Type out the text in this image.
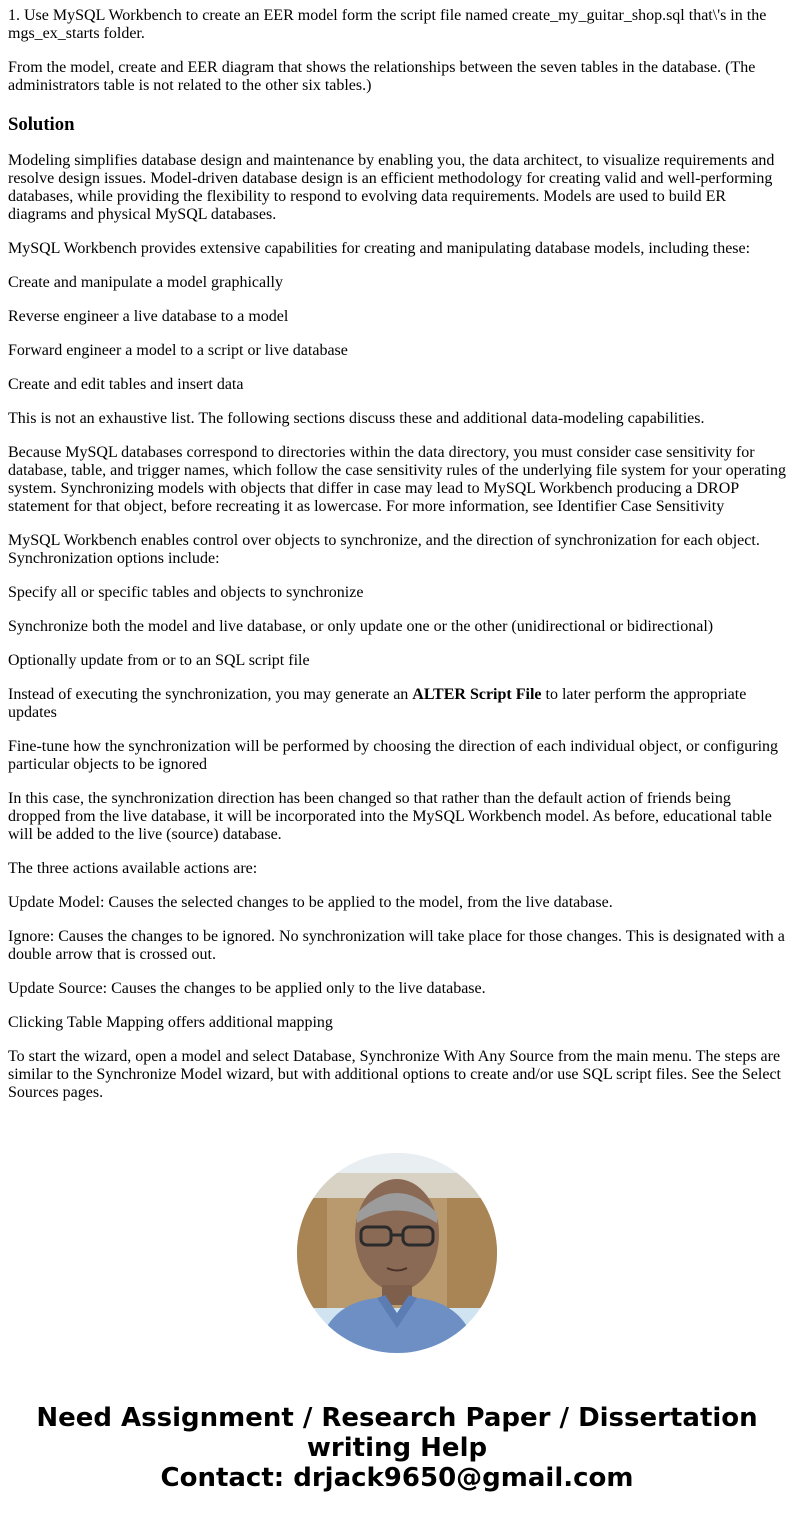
1. Use MySQL Workbench to create an EER model form the script file named create_my_guitar_shop.sql that\'s in the mgs_ex_starts folder.

From the model, create and EER diagram that shows the relationships between the seven tables in the database. (The administrators table is not related to the other six tables.)

Solution

Modeling simplifies database design and maintenance by enabling you, the data architect, to visualize requirements and resolve design issues. Model-driven database design is an efficient methodology for creating valid and well-performing databases, while providing the flexibility to respond to evolving data requirements. Models are used to build ER diagrams and physical MySQL databases.

MySQL Workbench provides extensive capabilities for creating and manipulating database models, including these:

Create and manipulate a model graphically

Reverse engineer a live database to a model

Forward engineer a model to a script or live database

Create and edit tables and insert data

This is not an exhaustive list. The following sections discuss these and additional data-modeling capabilities.

Because MySQL databases correspond to directories within the data directory, you must consider case sensitivity for database, table, and trigger names, which follow the case sensitivity rules of the underlying file system for your operating system. Synchronizing models with objects that differ in case may lead to MySQL Workbench producing a DROP statement for that object, before recreating it as lowercase. For more information, see Identifier Case Sensitivity

MySQL Workbench enables control over objects to synchronize, and the direction of synchronization for each object. Synchronization options include:

Specify all or specific tables and objects to synchronize

Synchronize both the model and live database, or only update one or the other (unidirectional or bidirectional)

Optionally update from or to an SQL script file

Instead of executing the synchronization, you may generate an ALTER Script File to later perform the appropriate updates

Fine-tune how the synchronization will be performed by choosing the direction of each individual object, or configuring particular objects to be ignored

In this case, the synchronization direction has been changed so that rather than the default action of friends being dropped from the live database, it will be incorporated into the MySQL Workbench model. As before, educational table will be added to the live (source) database.

The three actions available actions are:

Update Model: Causes the selected changes to be applied to the model, from the live database.

Ignore: Causes the changes to be ignored. No synchronization will take place for those changes. This is designated with a double arrow that is crossed out.

Update Source: Causes the changes to be applied only to the live database.

Clicking Table Mapping offers additional mapping

To start the wizard, open a model and select Database, Synchronize With Any Source from the main menu. The steps are similar to the Synchronize Model wizard, but with additional options to create and/or use SQL script files. See the Select Sources pages.

Need Assignment / Research Paper / Dissertation
writing Help
Contact: drjack9650@gmail.com
